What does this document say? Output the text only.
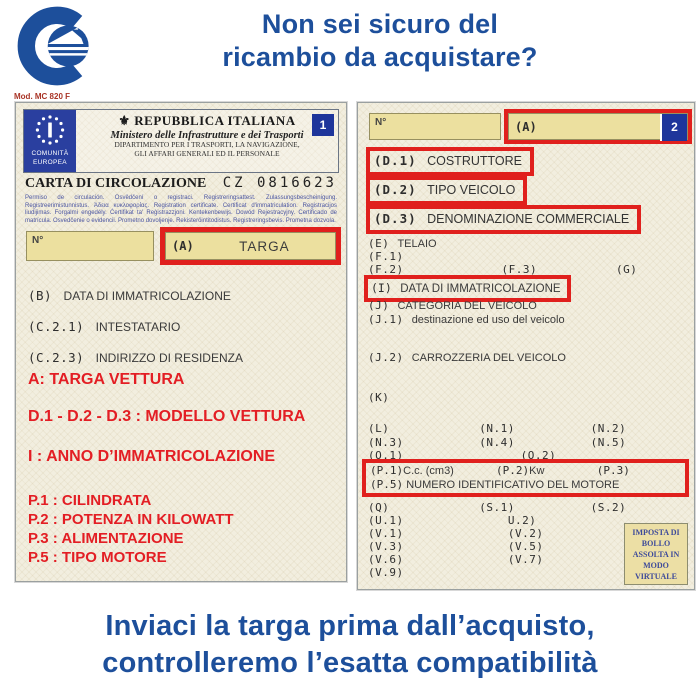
Non sei sicuro del
ricambio da acquistare?
Mod. MC 820 F
COMUNITÀ
EUROPEA
⚜ REPUBBLICA ITALIANA
Ministero delle Infrastrutture e dei Trasporti
DIPARTIMENTO PER I TRASPORTI, LA NAVIGAZIONE,
GLI AFFARI GENERALI ED IL PERSONALE
1
CARTA DI CIRCOLAZIONE CZ 0816623
Permiso de circulación. Osvědčení o registraci. Registreringsattest. Zulassungsbescheinigung. Registreerimistunnistus. Άδεια κυκλοφορίας. Registration certificate. Certificat d'immatriculation. Registracijos liudijimas. Forgalmi engedély. Ċertifikat ta' Reġistrazzjoni. Kentekenbewijs. Dowód Rejestracyjny. Certificado de matrícula. Osvedčenie o evidencii. Prometno dovoljenje. Rekisteröintitodistus. Registreringsbevis. Prometna dozvola.
N°	(A)	TARGA
(B) DATA DI IMMATRICOLAZIONE
(C.2.1) INTESTATARIO
(C.2.3) INDIRIZZO DI RESIDENZA
A: TARGA VETTURA
D.1 - D.2 - D.3 : MODELLO VETTURA
I : ANNO D’IMMATRICOLAZIONE
P.1 : CILINDRATA
P.2 : POTENZA IN KILOWATT
P.3 : ALIMENTAZIONE
P.5 : TIPO MOTORE
N°	(A)	2
(D.1) COSTRUTTORE
(D.2) TIPO VEICOLO
(D.3) DENOMINAZIONE COMMERCIALE
(E) TELAIO
(F.1)
(F.2)	(F.3)	(G)
(I) DATA DI IMMATRICOLAZIONE
(J) CATEGORIA DEL VEICOLO
(J.1) destinazione ed uso del veicolo
(J.2) CARROZZERIA DEL VEICOLO
(K)
(L)	(N.1)	(N.2)
(N.3)	(N.4)	(N.5)
(O.1)	(O.2)
(P.1)C.c. (cm3)	(P.2)Kw	(P.3)
(P.5) NUMERO IDENTIFICATIVO DEL MOTORE
(Q)	(S.1)	(S.2)
(U.1)	U.2)
(V.1)	(V.2)
(V.3)	(V.5)
(V.6)	(V.7)
(V.9)
IMPOSTA DI BOLLO ASSOLTA IN MODO VIRTUALE
Inviaci la targa prima dall’acquisto,
controlleremo l’esatta compatibilità
